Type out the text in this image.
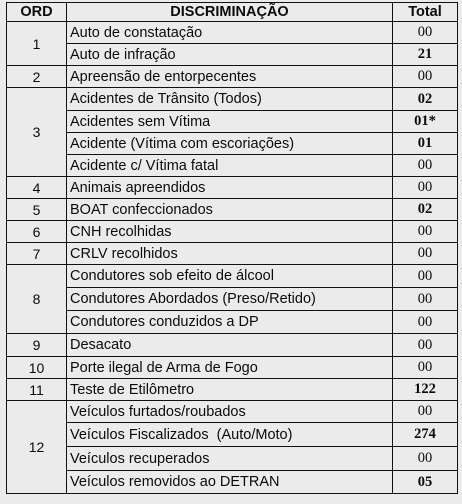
ORD	DISCRIMINAÇÃO	Total
1	Auto de constatação	00
	Auto de infração	21
2	Apreensão de entorpecentes	00
3	Acidentes de Trânsito (Todos)	02
	Acidentes sem Vítima	01*
	Acidente (Vítima com escoriações)	01
	Acidente c/ Vítima fatal	00
4	Animais apreendidos	00
5	BOAT confeccionados	02
6	CNH recolhidas	00
7	CRLV recolhidos	00
8	Condutores sob efeito de álcool	00
	Condutores Abordados (Preso/Retido)	00
	Condutores conduzidos a DP	00
9	Desacato	00
10	Porte ilegal de Arma de Fogo	00
11	Teste de Etilômetro	122
12	Veículos furtados/roubados	00
	Veículos Fiscalizados  (Auto/Moto)	274
	Veículos recuperados	00
	Veículos removidos ao DETRAN	05
